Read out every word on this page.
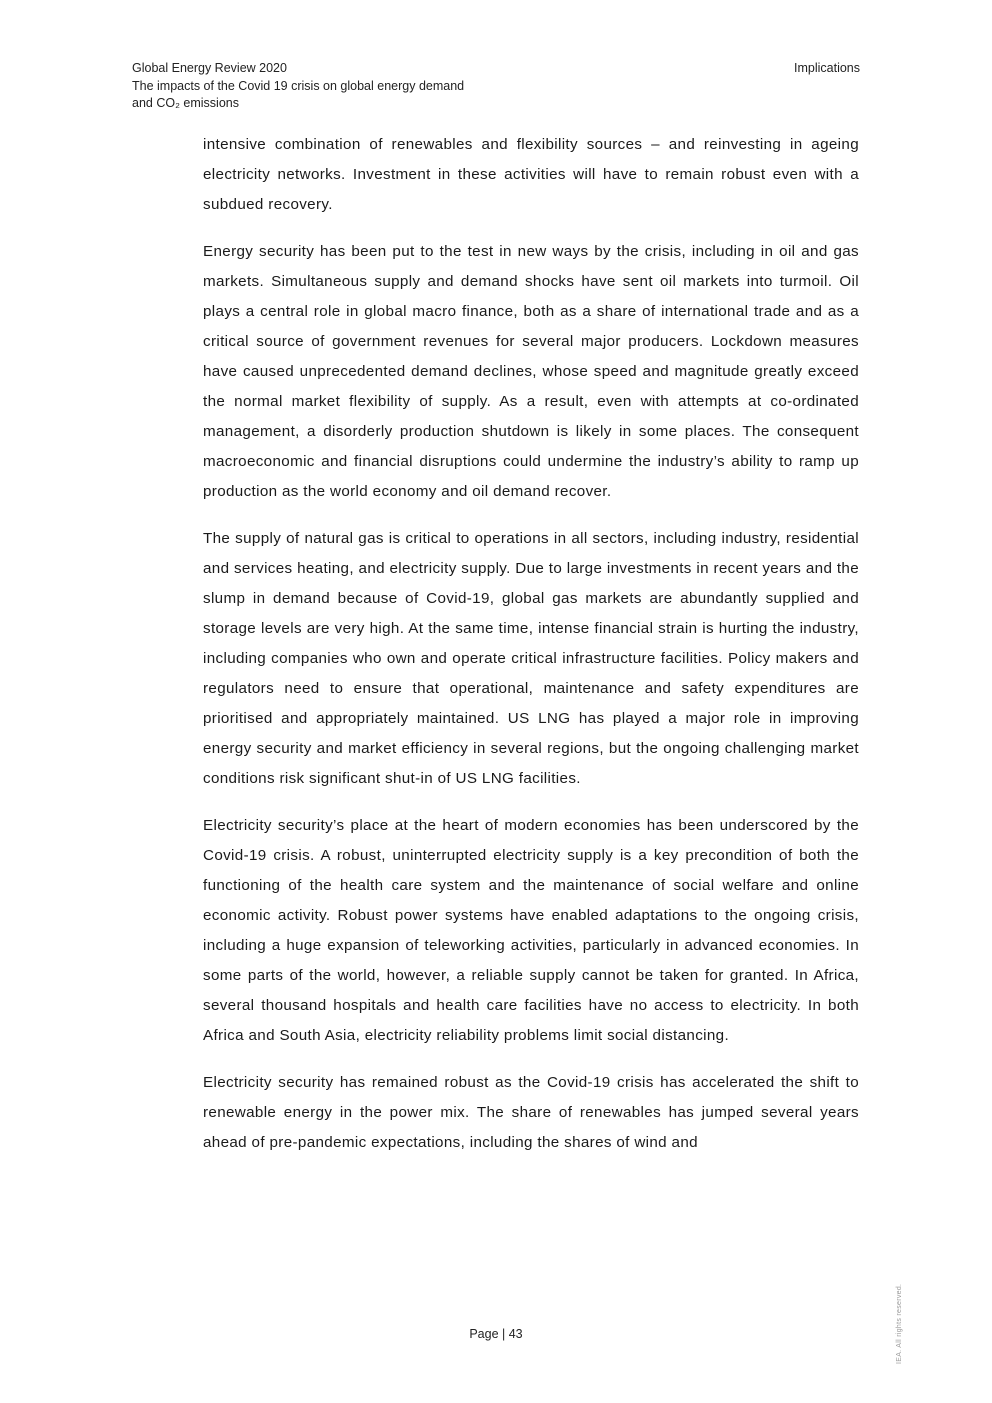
Global Energy Review 2020
The impacts of the Covid 19 crisis on global energy demand
and CO₂ emissions
Implications

intensive combination of renewables and flexibility sources – and reinvesting in ageing electricity networks. Investment in these activities will have to remain robust even with a subdued recovery.

Energy security has been put to the test in new ways by the crisis, including in oil and gas markets. Simultaneous supply and demand shocks have sent oil markets into turmoil. Oil plays a central role in global macro finance, both as a share of international trade and as a critical source of government revenues for several major producers. Lockdown measures have caused unprecedented demand declines, whose speed and magnitude greatly exceed the normal market flexibility of supply. As a result, even with attempts at co-ordinated management, a disorderly production shutdown is likely in some places. The consequent macroeconomic and financial disruptions could undermine the industry’s ability to ramp up production as the world economy and oil demand recover.

The supply of natural gas is critical to operations in all sectors, including industry, residential and services heating, and electricity supply. Due to large investments in recent years and the slump in demand because of Covid-19, global gas markets are abundantly supplied and storage levels are very high. At the same time, intense financial strain is hurting the industry, including companies who own and operate critical infrastructure facilities. Policy makers and regulators need to ensure that operational, maintenance and safety expenditures are prioritised and appropriately maintained. US LNG has played a major role in improving energy security and market efficiency in several regions, but the ongoing challenging market conditions risk significant shut-in of US LNG facilities.

Electricity security’s place at the heart of modern economies has been underscored by the Covid-19 crisis. A robust, uninterrupted electricity supply is a key precondition of both the functioning of the health care system and the maintenance of social welfare and online economic activity. Robust power systems have enabled adaptations to the ongoing crisis, including a huge expansion of teleworking activities, particularly in advanced economies. In some parts of the world, however, a reliable supply cannot be taken for granted. In Africa, several thousand hospitals and health care facilities have no access to electricity. In both Africa and South Asia, electricity reliability problems limit social distancing.

Electricity security has remained robust as the Covid-19 crisis has accelerated the shift to renewable energy in the power mix. The share of renewables has jumped several years ahead of pre-pandemic expectations, including the shares of wind and

Page | 43	IEA. All rights reserved.
